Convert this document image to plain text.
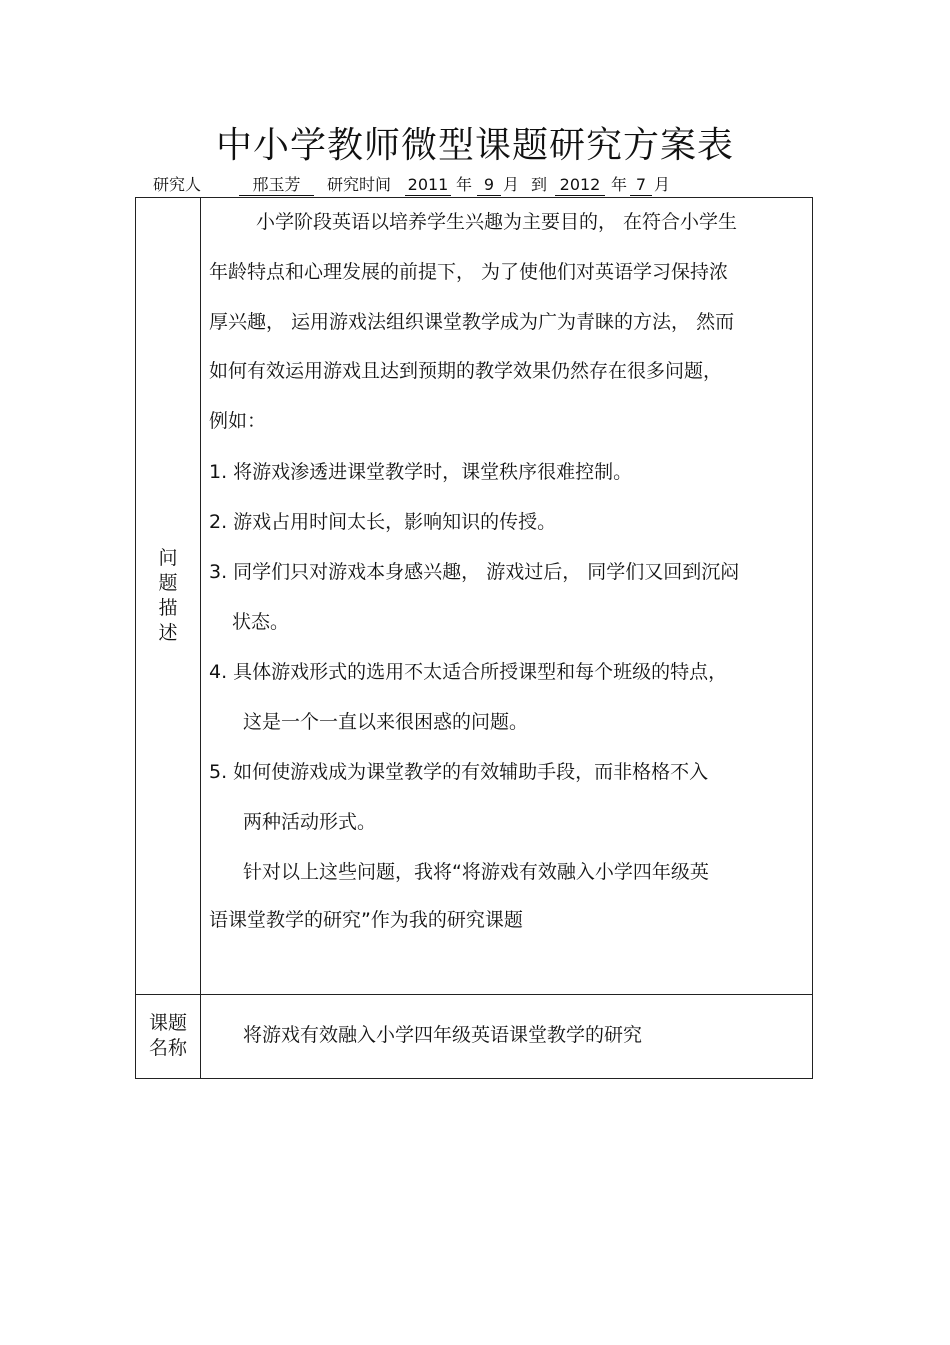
中小学教师微型课题研究方案表
研究人	邢玉芳	研究时间 2011 年 9 月 到 2012 年 7 月
问
题
描
述
小学阶段英语以培养学生兴趣为主要目的， 在符合小学生
年龄特点和心理发展的前提下， 为了使他们对英语学习保持浓
厚兴趣， 运用游戏法组织课堂教学成为广为青睐的方法， 然而
如何有效运用游戏且达到预期的教学效果仍然存在很多问题，
例如：
1. 将游戏渗透进课堂教学时，课堂秩序很难控制。
2. 游戏占用时间太长，影响知识的传授。
3. 同学们只对游戏本身感兴趣， 游戏过后， 同学们又回到沉闷
状态。
4. 具体游戏形式的选用不太适合所授课型和每个班级的特点，
这是一个一直以来很困惑的问题。
5. 如何使游戏成为课堂教学的有效辅助手段，而非格格不入
两种活动形式。
针对以上这些问题，我将“将游戏有效融入小学四年级英
语课堂教学的研究”作为我的研究课题
课题
名称
将游戏有效融入小学四年级英语课堂教学的研究
